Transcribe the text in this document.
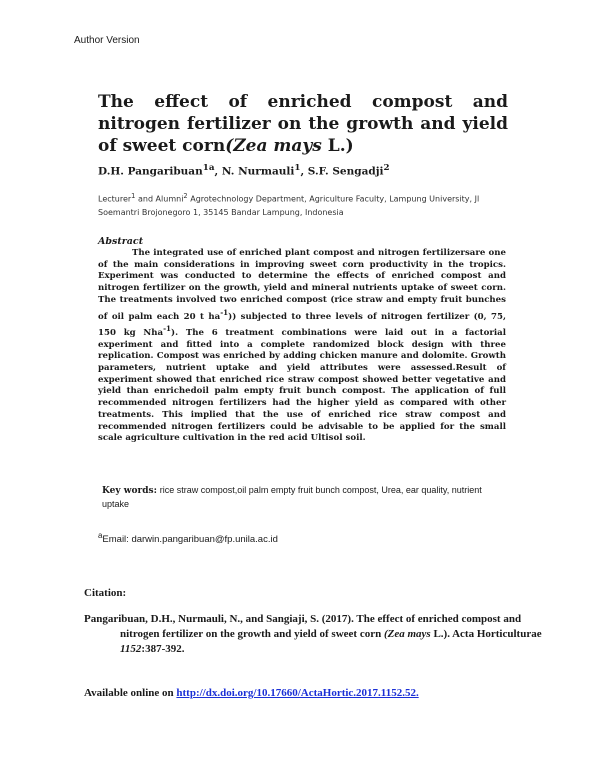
Author Version
The effect of enriched compost and nitrogen fertilizer on the growth and yield of sweet corn(Zea mays L.)
D.H. Pangaribuan$^{1a}$, N. Nurmauli$^1$, S.F. Sengadji$^2$
Lecturer$^1$ and Alumni$^2$ Agrotechnology Department, Agriculture Faculty, Lampung University, Jl Soemantri Brojonegoro 1, 35145 Bandar Lampung, Indonesia
Abstract

The integrated use of enriched plant compost and nitrogen fertilizersare one of the main considerations in improving sweet corn productivity in the tropics. Experiment was conducted to determine the effects of enriched compost and nitrogen fertilizer on the growth, yield and mineral nutrients uptake of sweet corn. The treatments involved two enriched compost (rice straw and empty fruit bunches of oil palm each 20 t $ha^{-1}$)) subjected to three levels of nitrogen fertilizer (0, 75, 150 kg Nha$^{-1}$). The 6 treatment combinations were laid out in a factorial experiment and fitted into a complete randomized block design with three replication. Compost was enriched by adding chicken manure and dolomite. Growth parameters, nutrient uptake and yield attributes were assessed.Result of experiment showed that enriched rice straw compost showed better vegetative and yield than enrichedoil palm empty fruit bunch compost. The application of full recommended nitrogen fertilizers had the higher yield as compared with other treatments. This implied that the use of enriched rice straw compost and recommended nitrogen fertilizers could be advisable to be applied for the small scale agriculture cultivation in the red acid Ultisol soil.

Key words: rice straw compost,oil palm empty fruit bunch compost, Urea, ear quality, nutrient uptake
$^a$Email: darwin.pangaribuan@fp.unila.ac.id
Citation:
Pangaribuan, D.H., Nurmauli, N., and Sangiaji, S. (2017). The effect of enriched compost and nitrogen fertilizer on the growth and yield of sweet corn (Zea mays L.). Acta Horticulturae 1152:387-392.
Available online on http://dx.doi.org/10.17660/ActaHortic.2017.1152.52.
